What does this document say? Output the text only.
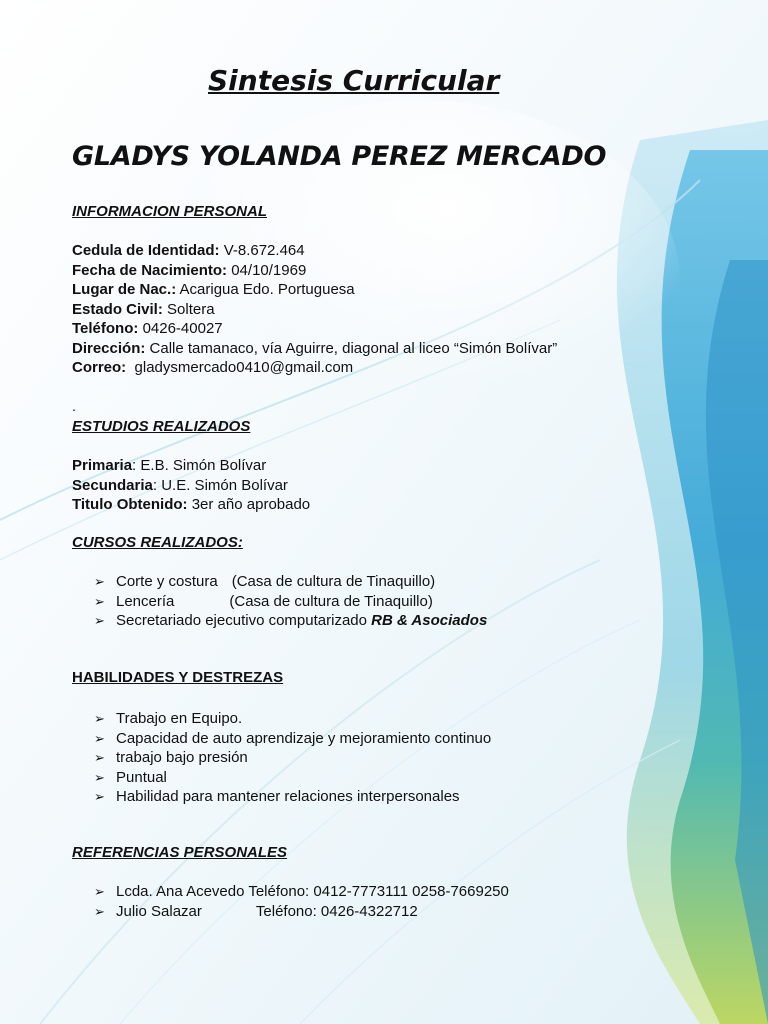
Sintesis Curricular
GLADYS YOLANDA PEREZ MERCADO
INFORMACION PERSONAL
Cedula de Identidad: V-8.672.464
Fecha de Nacimiento: 04/10/1969
Lugar de Nac.: Acarigua Edo. Portuguesa
Estado Civil: Soltera
Teléfono: 0426-40027
Dirección: Calle tamanaco, vía Aguirre, diagonal al liceo “Simón Bolívar”
Correo: gladysmercado0410@gmail.com
.
ESTUDIOS REALIZADOS
Primaria: E.B. Simón Bolívar
Secundaria: U.E. Simón Bolívar
Titulo Obtenido: 3er año aprobado
CURSOS REALIZADOS:
➢ Corte y costura (Casa de cultura de Tinaquillo)
➢ Lencería	(Casa de cultura de Tinaquillo)
➢ Secretariado ejecutivo computarizado RB & Asociados
HABILIDADES Y DESTREZAS
➢ Trabajo en Equipo.
➢ Capacidad de auto aprendizaje y mejoramiento continuo
➢ trabajo bajo presión
➢ Puntual
➢ Habilidad para mantener relaciones interpersonales
REFERENCIAS PERSONALES
➢ Lcda. Ana Acevedo Teléfono: 0412-7773111 0258-7669250
➢ Julio Salazar	Teléfono: 0426-4322712
